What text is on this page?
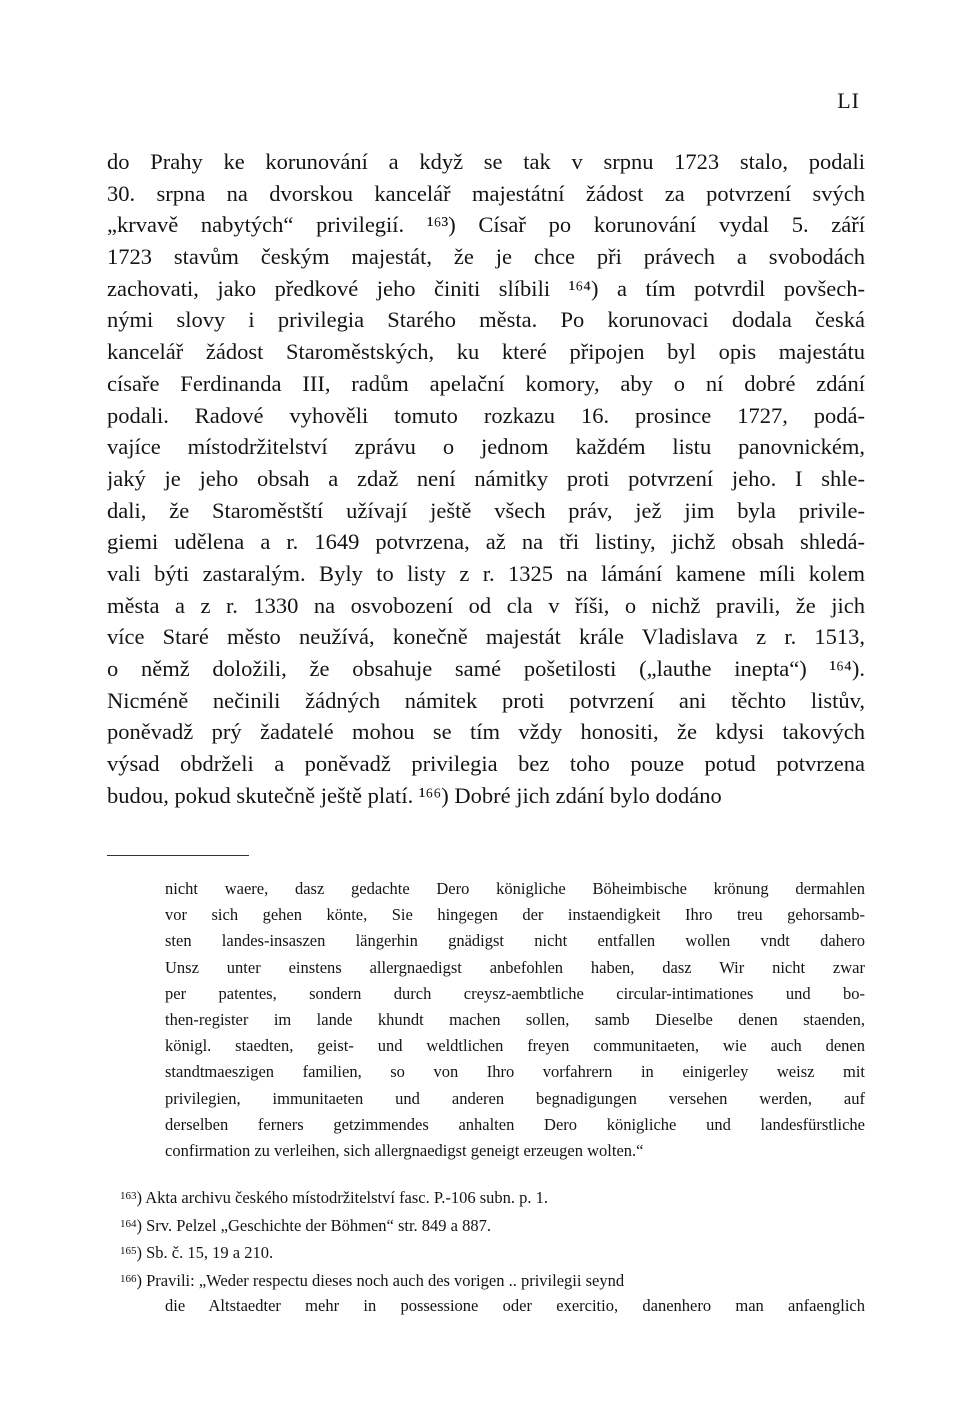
LI
do Prahy ke korunování a když se tak v srpnu 1723 stalo, podali
30. srpna na dvorskou kancelář majestátní žádost za potvrzení svých
„krvavě nabytých“ privilegií. ¹⁶³) Císař po korunování vydal 5. září
1723 stavům českým majestát, že je chce při právech a svobodách
zachovati, jako předkové jeho činiti slíbili ¹⁶⁴) a tím potvrdil povšech-
nými slovy i privilegia Starého města. Po korunovaci dodala česká
kancelář žádost Staroměstských, ku které připojen byl opis majestátu
císaře Ferdinanda III, radům apelační komory, aby o ní dobré zdání
podali. Radové vyhověli tomuto rozkazu 16. prosince 1727, podá-
vajíce místodržitelství zprávu o jednom každém listu panovnickém,
jaký je jeho obsah a zdaž není námitky proti potvrzení jeho. I shle-
dali, že Staroměstští užívají ještě všech práv, jež jim byla privile-
giemi udělena a r. 1649 potvrzena, až na tři listiny, jichž obsah shledá-
vali býti zastaralým. Byly to listy z r. 1325 na lámání kamene míli kolem
města a z r. 1330 na osvobození od cla v říši, o nichž pravili, že jich
více Staré město neužívá, konečně majestát krále Vladislava z r. 1513,
o němž doložili, že obsahuje samé pošetilosti („lauthe inepta“) ¹⁶⁴).
Nicméně nečinili žádných námitek proti potvrzení ani těchto listův,
poněvadž prý žadatelé mohou se tím vždy honositi, že kdysi takových
výsad obdrželi a poněvadž privilegia bez toho pouze potud potvrzena
budou, pokud skutečně ještě platí. ¹⁶⁶) Dobré jich zdání bylo dodáno
nicht waere, dasz gedachte Dero königliche Böheimbische krönung dermahlen
vor sich gehen könte, Sie hingegen der instaendigkeit Ihro treu gehorsamb-
sten landes-insaszen längerhin gnädigst nicht entfallen wollen vndt dahero
Unsz unter einstens allergnaedigst anbefohlen haben, dasz Wir nicht zwar
per patentes, sondern durch creysz-aembtliche circular-intimationes und bo-
then-register im lande khundt machen sollen, samb Dieselbe denen staenden,
königl. staedten, geist- und weldtlichen freyen communitaeten, wie auch denen
standtmaeszigen familien, so von Ihro vorfahrern in einigerley weisz mit
privilegien, immunitaeten und anderen begnadigungen versehen werden, auf
derselben ferners getzimmendes anhalten Dero königliche und landesfürstliche
confirmation zu verleihen, sich allergnaedigst geneigt erzeugen wolten.“
$^{163}$) Akta archivu českého místodržitelství fasc. P.-106 subn. p. 1.
$^{164}$) Srv. Pelzel „Geschichte der Böhmen“ str. 849 a 887.
$^{165}$) Sb. č. 15, 19 a 210.
$^{166}$) Pravili: „Weder respectu dieses noch auch des vorigen .. privilegii seynd
die Altstaedter mehr in possessione oder exercitio, danenhero man anfaenglich
